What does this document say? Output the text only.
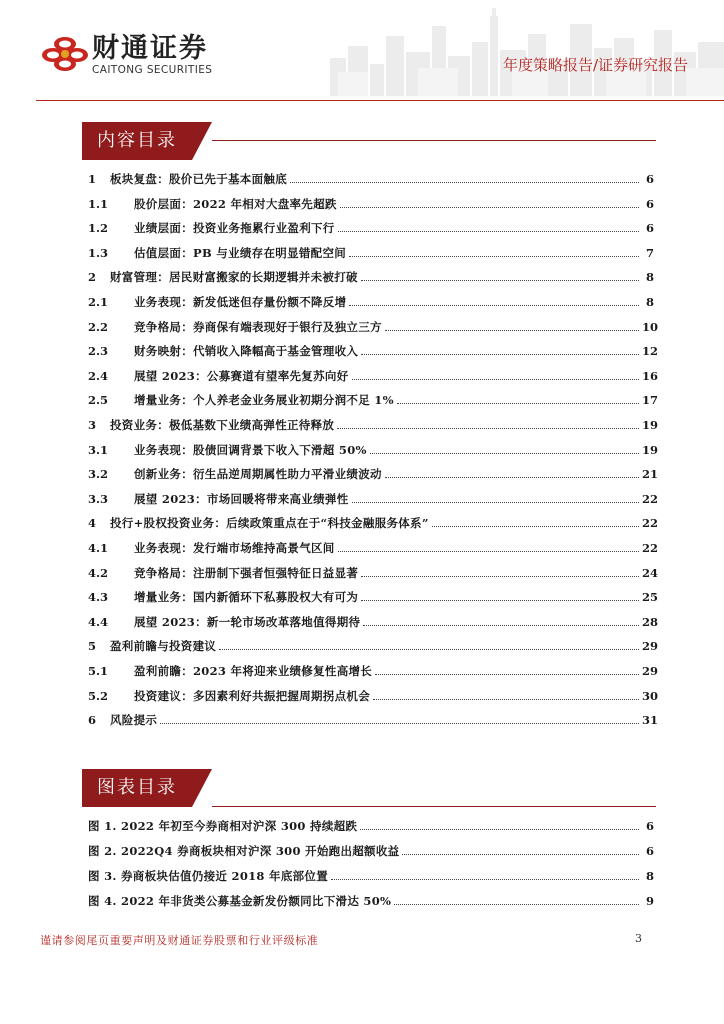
财通证券
CAITONG SECURITIES	年度策略报告/证券研究报告
内容目录
1	板块复盘：股价已先于基本面触底	6
1.1	股价层面：2022 年相对大盘率先超跌	6
1.2	业绩层面：投资业务拖累行业盈利下行	6
1.3	估值层面：PB 与业绩存在明显错配空间	7
2	财富管理：居民财富搬家的长期逻辑并未被打破	8
2.1	业务表现：新发低迷但存量份额不降反增	8
2.2	竞争格局：券商保有端表现好于银行及独立三方	10
2.3	财务映射：代销收入降幅高于基金管理收入	12
2.4	展望 2023：公募赛道有望率先复苏向好	16
2.5	增量业务：个人养老金业务展业初期分润不足 1%	17
3	投资业务：极低基数下业绩高弹性正待释放	19
3.1	业务表现：股债回调背景下收入下滑超 50%	19
3.2	创新业务：衍生品逆周期属性助力平滑业绩波动	21
3.3	展望 2023：市场回暖将带来高业绩弹性	22
4	投行+股权投资业务：后续政策重点在于“科技金融服务体系”	22
4.1	业务表现：发行端市场维持高景气区间	22
4.2	竞争格局：注册制下强者恒强特征日益显著	24
4.3	增量业务：国内新循环下私募股权大有可为	25
4.4	展望 2023：新一轮市场改革落地值得期待	28
5	盈利前瞻与投资建议	29
5.1	盈利前瞻：2023 年将迎来业绩修复性高增长	29
5.2	投资建议：多因素利好共振把握周期拐点机会	30
6	风险提示	31
图表目录
图 1. 2022 年初至今券商相对沪深 300 持续超跌	6
图 2. 2022Q4 券商板块相对沪深 300 开始跑出超额收益	6
图 3. 券商板块估值仍接近 2018 年底部位置	8
图 4. 2022 年非货类公募基金新发份额同比下滑达 50%	9
谨请参阅尾页重要声明及财通证券股票和行业评级标准	3
